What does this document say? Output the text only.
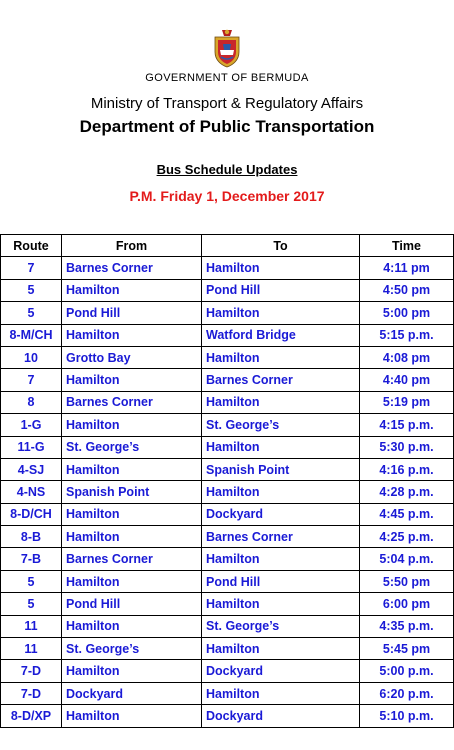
GOVERNMENT OF BERMUDA
Ministry of Transport & Regulatory Affairs
Department of Public Transportation
Bus Schedule Updates
P.M. Friday 1, December 2017
Route	From	To	Time
7	Barnes Corner	Hamilton	4:11 pm
5	Hamilton	Pond Hill	4:50 pm
5	Pond Hill	Hamilton	5:00 pm
8-M/CH	Hamilton	Watford Bridge	5:15 p.m.
10	Grotto Bay	Hamilton	4:08 pm
7	Hamilton	Barnes Corner	4:40 pm
8	Barnes Corner	Hamilton	5:19 pm
1-G	Hamilton	St. George’s	4:15 p.m.
11-G	St. George’s	Hamilton	5:30 p.m.
4-SJ	Hamilton	Spanish Point	4:16 p.m.
4-NS	Spanish Point	Hamilton	4:28 p.m.
8-D/CH	Hamilton	Dockyard	4:45 p.m.
8-B	Hamilton	Barnes Corner	4:25 p.m.
7-B	Barnes Corner	Hamilton	5:04 p.m.
5	Hamilton	Pond Hill	5:50 pm
5	Pond Hill	Hamilton	6:00 pm
11	Hamilton	St. George’s	4:35 p.m.
11	St. George’s	Hamilton	5:45 pm
7-D	Hamilton	Dockyard	5:00 p.m.
7-D	Dockyard	Hamilton	6:20 p.m.
8-D/XP	Hamilton	Dockyard	5:10 p.m.
